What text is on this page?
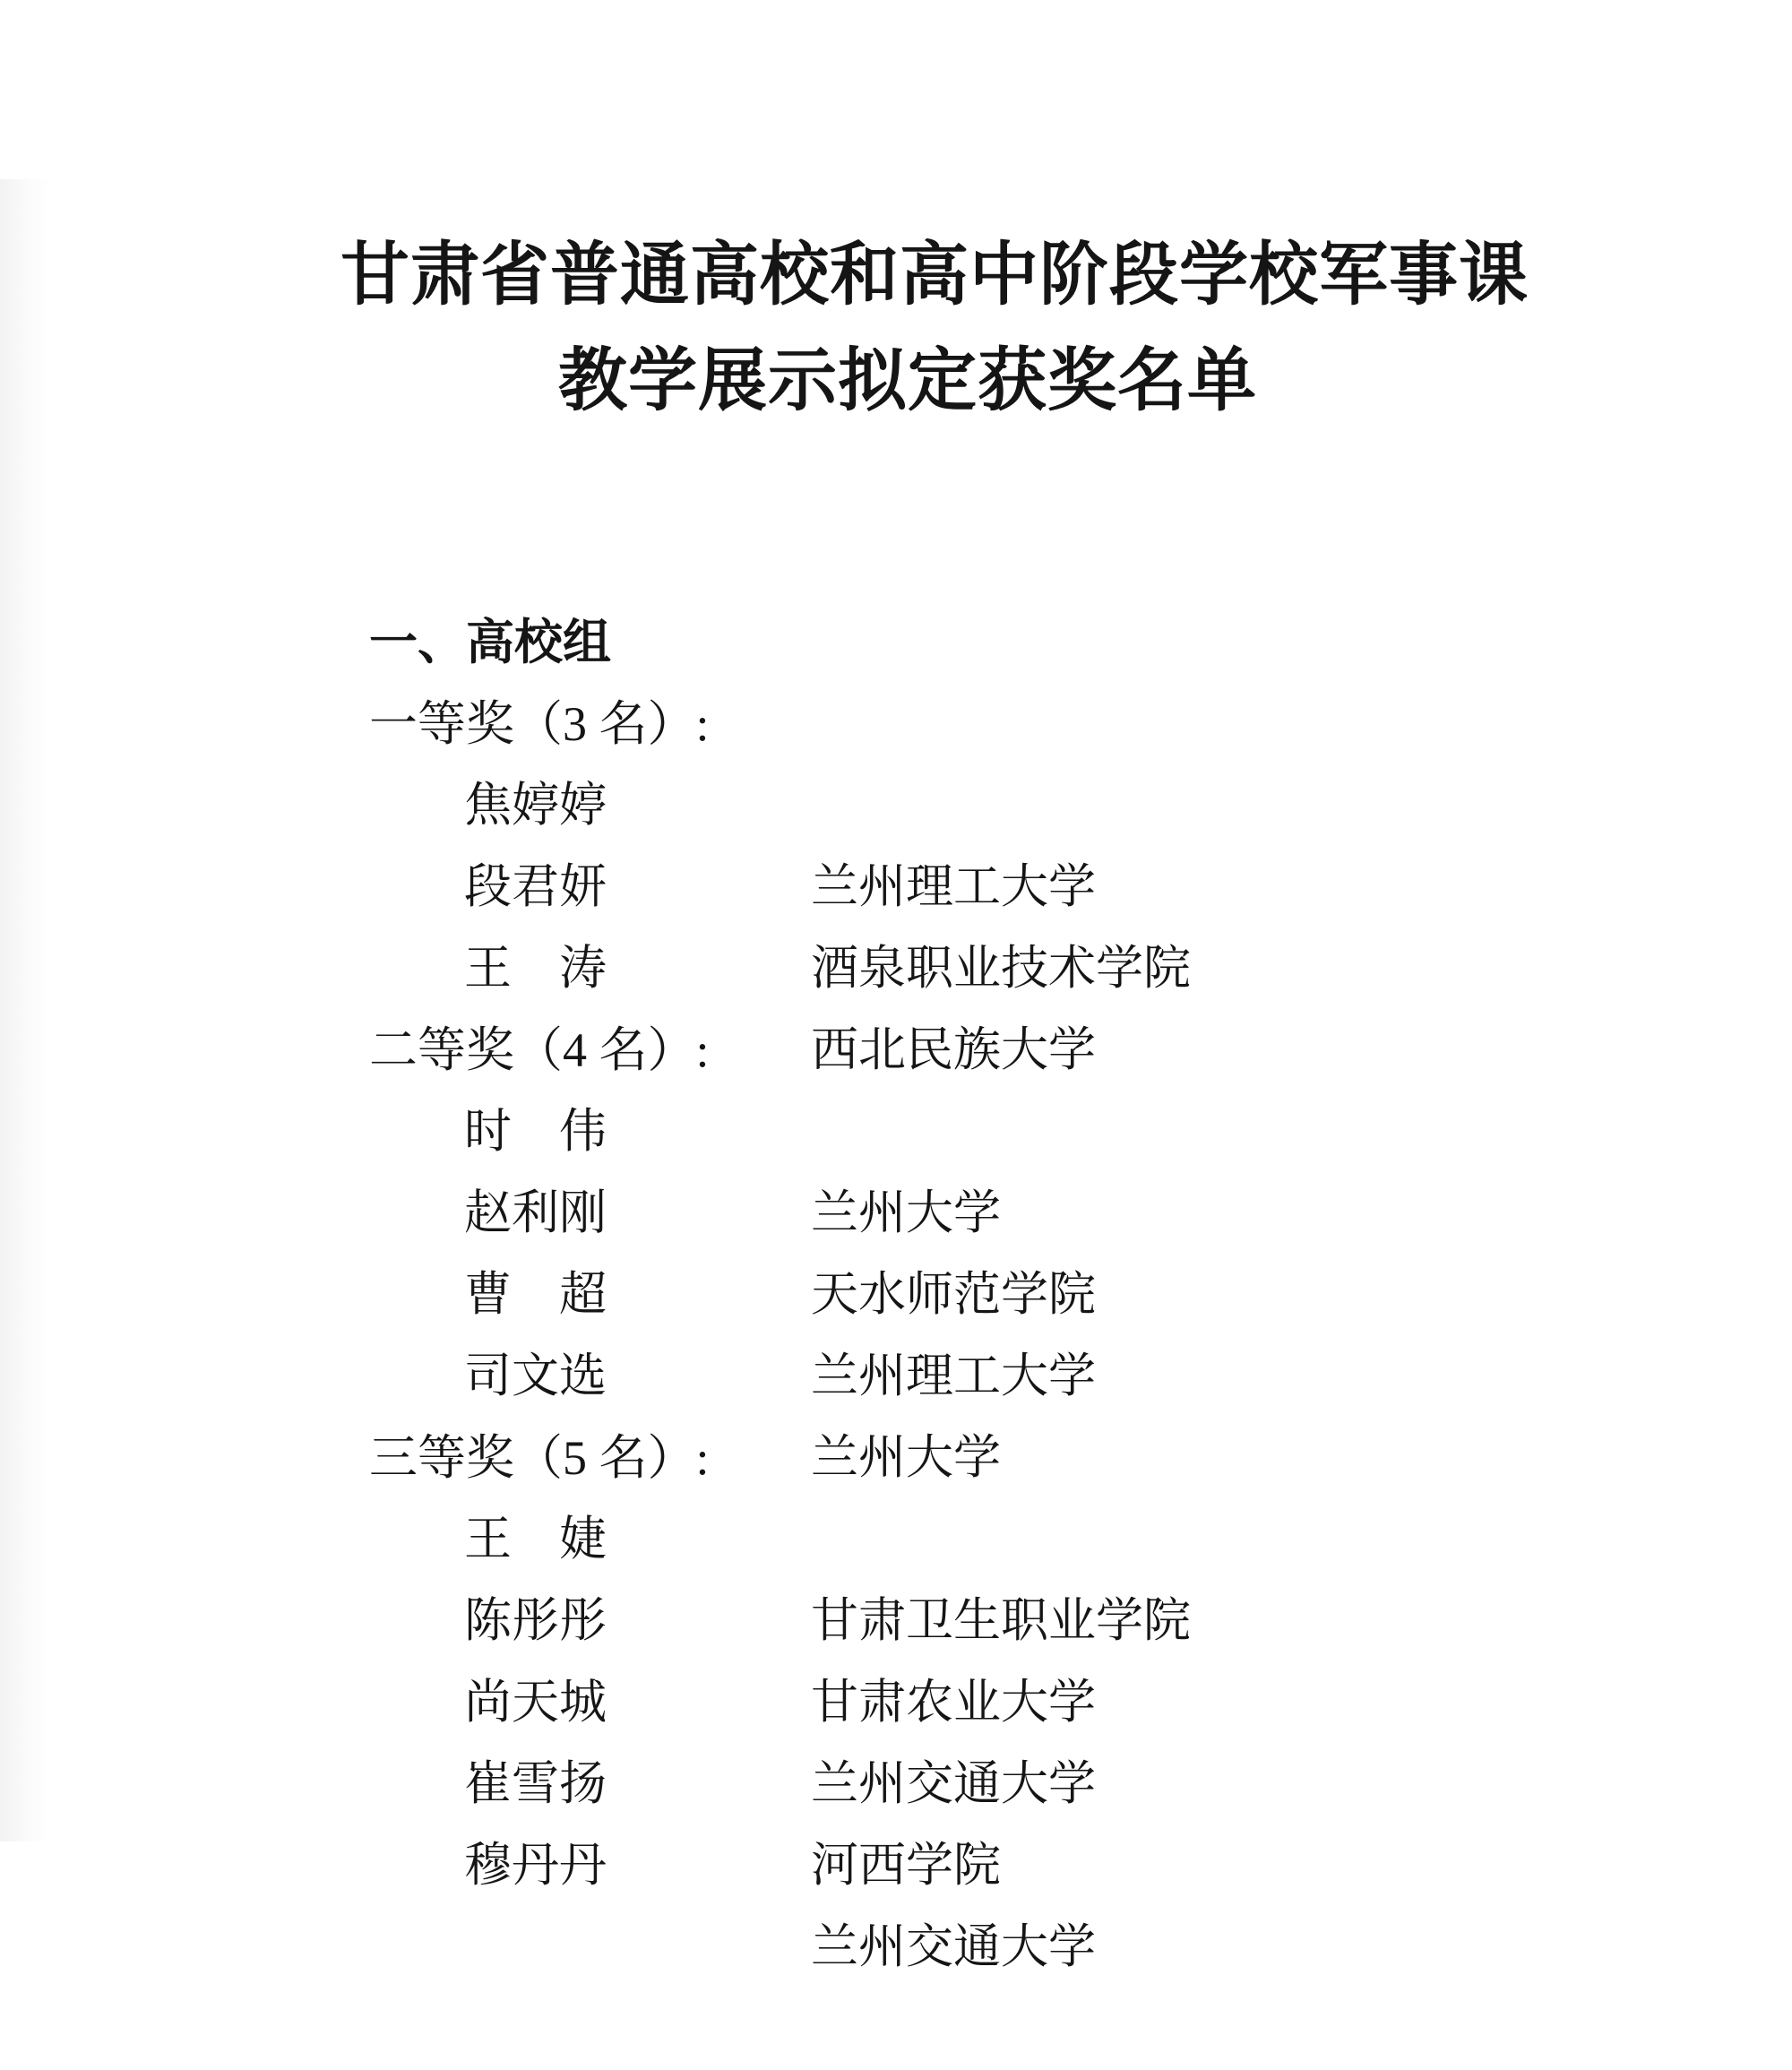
甘肃省普通高校和高中阶段学校军事课
教学展示拟定获奖名单

一、高校组

一等奖（3 名）:

焦婷婷

兰州理工大学

段君妍

酒泉职业技术学院

王　涛

西北民族大学

二等奖（4 名）:

时　伟

兰州大学

赵利刚

天水师范学院

曹　超

兰州理工大学

司文选

兰州大学

三等奖（5 名）:

王　婕

甘肃卫生职业学院

陈彤彤

甘肃农业大学

尚天城

兰州交通大学

崔雪扬

河西学院

穆丹丹

兰州交通大学
